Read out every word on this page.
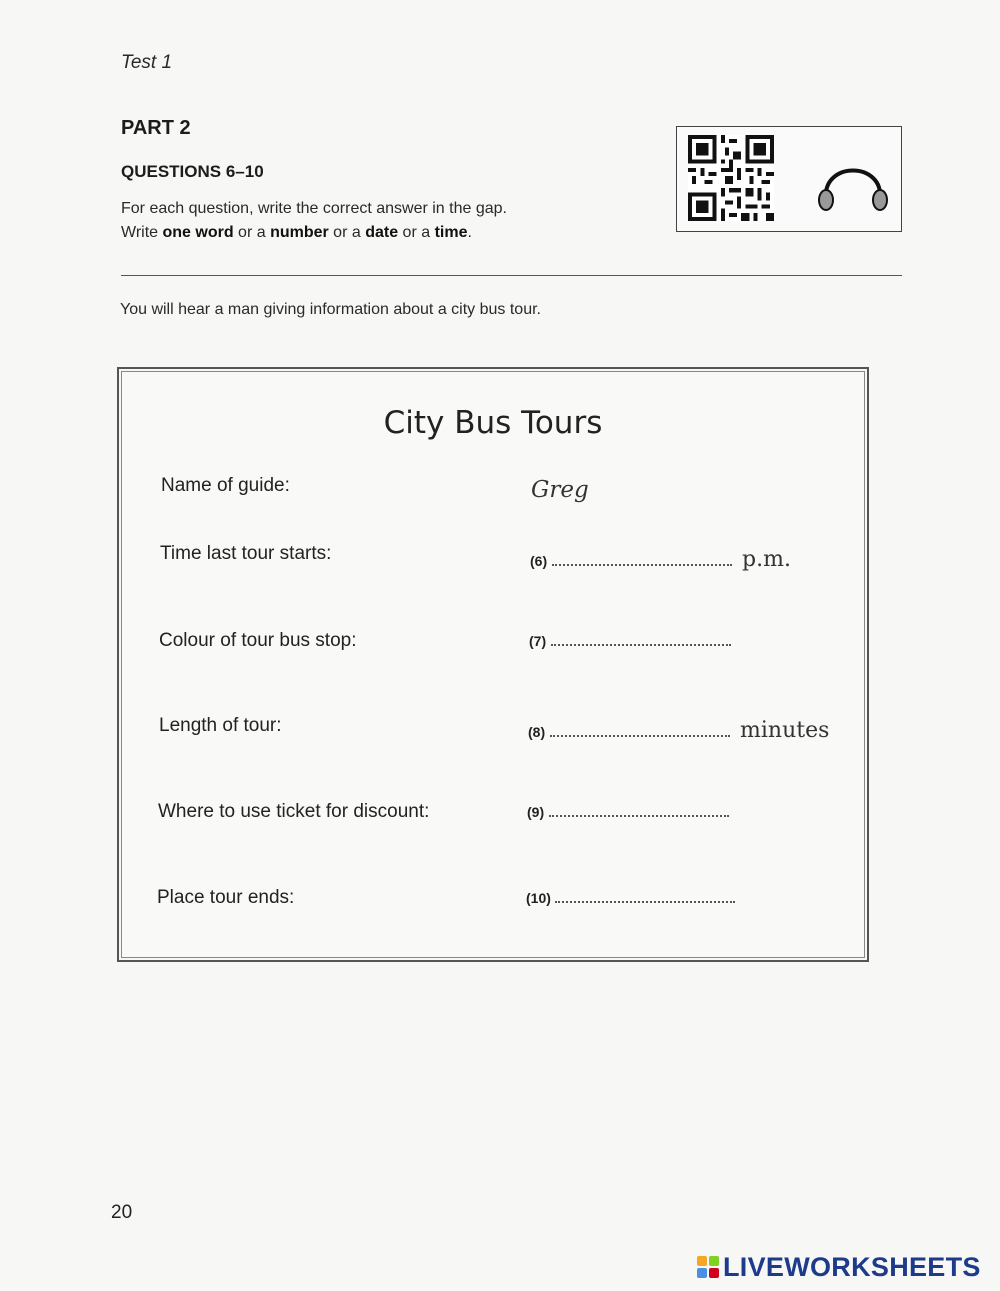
Test 1
PART 2
QUESTIONS 6–10
For each question, write the correct answer in the gap.
Write one word or a number or a date or a time.
You will hear a man giving information about a city bus tour.
City Bus Tours
Name of guide:	Greg
Time last tour starts:	(6)	p.m.
Colour of tour bus stop:	(7)
Length of tour:	(8)	minutes
Where to use ticket for discount:	(9)
Place tour ends:	(10)
20
LIVEWORKSHEETS
